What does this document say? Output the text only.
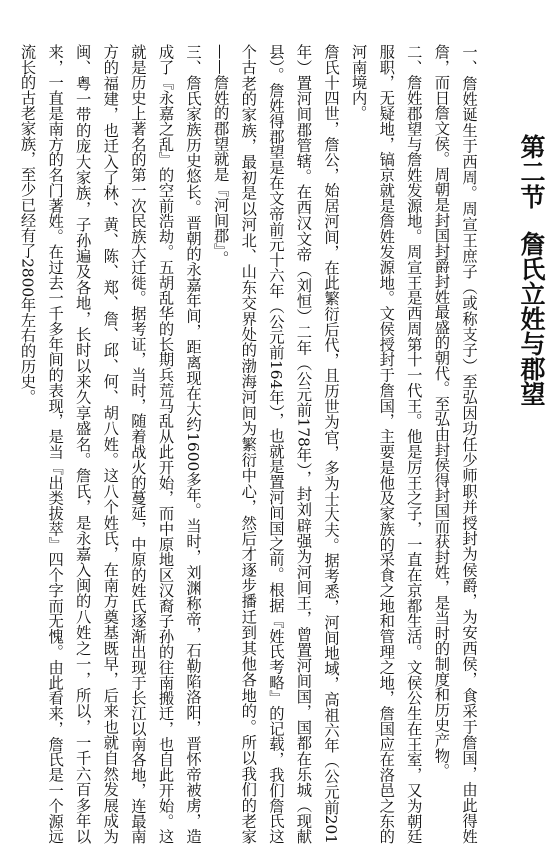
第二节詹氏立姓与郡望

一、詹姓诞生于西周。周宣王庶子（或称支子）至弘因功任少师职并授封为侯爵，为安西侯，食采于詹国，由此得姓詹，而日詹文侯。周朝是封国封爵封姓最盛的朝代。至弘由封侯得封国而获封姓，是当时的制度和历史产物。

二、詹姓郡望与詹姓发源地。周宣王是西周第十一代王。他是厉王之子，一直在京都生活。文侯公生在王室，又为朝廷服职，无疑地，镐京就是詹姓发源地。文侯授封于詹国，主要是他及家族的采食之地和管理之地，詹国应在洛邑之东的河南境内。

詹氏十四世，詹公，始居河间，在此繁衍后代，且历世为官，多为士大夫。据考悉，河间地域，高祖六年（公元前201年）置河间郡管辖。在西汉文帝（刘恒）二年（公元前178年），封刘辟强为河间王，曾置河间国，国都在乐城（现献县）。詹姓得郡望是在文帝前元十六年（公元前164年），也就是置河间国之前。根据『姓氏考略』的记载，我们詹氏这个古老的家族，最初是以河北、山东交界处的渤海河间为繁衍中心，然后才逐步播迁到其他各地的。所以我们的老家——詹姓的郡望就是『河间郡』。

三、詹氏家族历史悠长。晋朝的永嘉年间，距离现在大约1600多年。当时，刘渊称帝，石勒陷洛阳，晋怀帝被虏，造成了『永嘉之乱』的空前浩劫。五胡乱华的长期兵荒马乱从此开始，而中原地区汉裔子孙的往南搬迁，也自此开始。这就是历史上著名的第一次民族大迁徙。据考证，当时，随着战火的蔓延，中原的姓氏逐渐出现于长江以南各地，连最南方的福建，也迁入了林、黄、陈、郑、詹、邱、何、胡八姓。这八个姓氏，在南方奠基既早，后来也就自然发展成为闽、粤一带的庞大家族，子孙遍及各地，长时以来久享盛名。詹氏，是永嘉入闽的八姓之一，所以，一千六百多年以来，一直是南方的名门著姓。在过去一千多年间的表现，是当『出类拔萃』四个字而无愧。由此看来，詹氏是一个源远流长的古老家族，至少已经有了2800年左右的历史。
